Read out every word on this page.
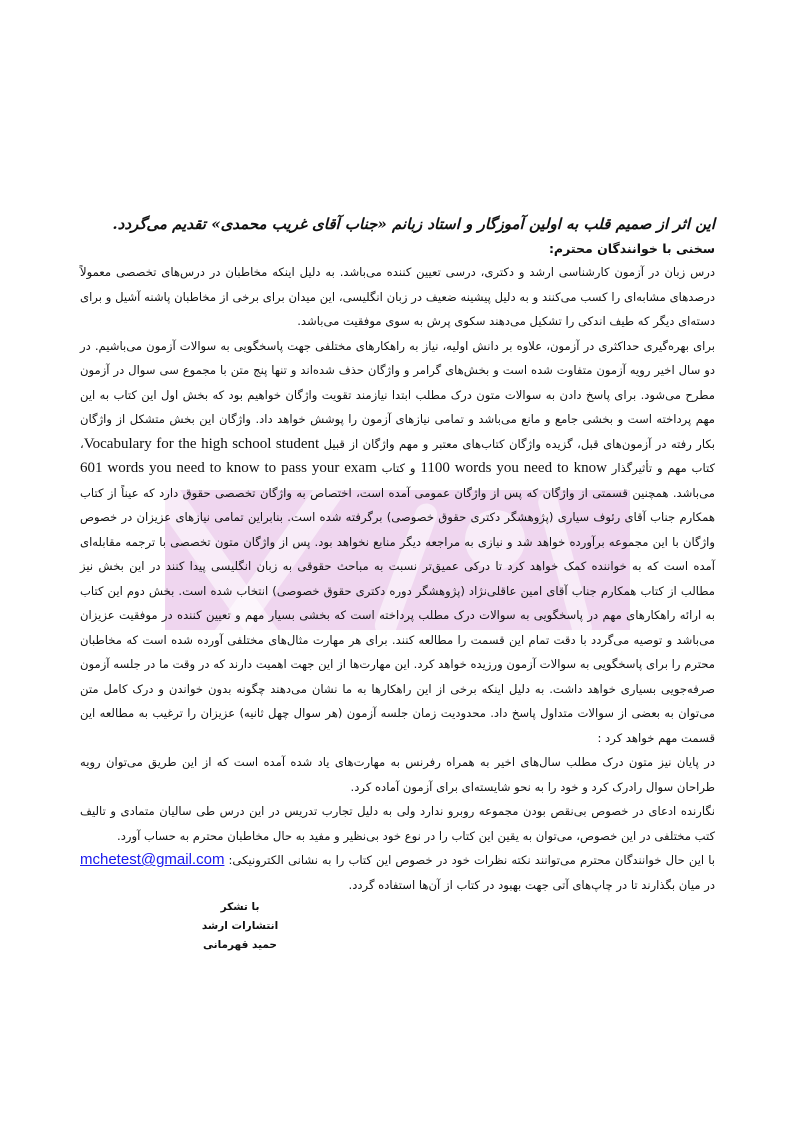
این اثر از صمیم قلب به اولین آموزگار و استاد زبانم «جناب آقای غریب محمدی» تقدیم می‌گردد.

سخنی با خوانندگان محترم:

درس زبان در آزمون کارشناسی ارشد و دکتری، درسی تعیین کننده می‌باشد. به دلیل اینکه مخاطبان در درس‌های تخصصی معمولاً درصدهای مشابه‌ای را کسب می‌کنند و به دلیل پیشینه ضعیف در زبان انگلیسی، این میدان برای برخی از مخاطبان پاشنه آشیل و برای دسته‌ای دیگر که طیف اندکی را تشکیل می‌دهند سکوی پرش به سوی موفقیت می‌باشد.

برای بهره‌گیری حداکثری در آزمون، علاوه بر دانش اولیه، نیاز به راهکارهای مختلفی جهت پاسخگویی به سوالات آزمون می‌باشیم. در دو سال اخیر رویه آزمون متفاوت شده است و بخش‌های گرامر و واژگان حذف شده‌اند و تنها پنج متن با مجموع سی سوال در آزمون مطرح می‌شود. برای پاسخ دادن به سوالات متون درک مطلب ابتدا نیازمند تقویت واژگان خواهیم بود که بخش اول این کتاب به این مهم پرداخته است و بخشی جامع و مانع می‌باشد و تمامی نیازهای آزمون را پوشش خواهد داد. واژگان این بخش متشکل از واژگان بکار رفته در آزمون‌های قبل، گزیده واژگان کتاب‌های معتبر و مهم واژگان از قبیل Vocabulary for the high school student، کتاب مهم و تأثیرگذار 1100 words you need to know و کتاب 601 words you need to know to pass your exam می‌باشد. همچنین قسمتی از واژگان که پس از واژگان عمومی آمده است، اختصاص به واژگان تخصصی حقوق دارد که عیناً از کتاب همکارم جناب آقای رئوف سیاری (پژوهشگر دکتری حقوق خصوصی) برگرفته شده است. بنابراین تمامی نیازهای عزیزان در خصوص واژگان با این مجموعه برآورده خواهد شد و نیازی به مراجعه دیگر منابع نخواهد بود. پس از واژگان متون تخصصی با ترجمه مقابله‌ای آمده است که به خواننده کمک خواهد کرد تا درکی عمیق‌تر نسبت به مباحث حقوقی به زبان انگلیسی پیدا کنند در این بخش نیز مطالب از کتاب همکارم جناب آقای امین عاقلی‌نژاد (پژوهشگر دوره دکتری حقوق خصوصی) انتخاب شده است. بخش دوم این کتاب به ارائه راهکارهای مهم در پاسخگویی به سوالات درک مطلب پرداخته است که بخشی بسیار مهم و تعیین کننده در موفقیت عزیزان می‌باشد و توصیه می‌گردد با دقت تمام این قسمت را مطالعه کنند. برای هر مهارت مثال‌های مختلفی آورده شده است که مخاطبان محترم را برای پاسخگویی به سوالات آزمون ورزیده خواهد کرد. این مهارت‌ها از این جهت اهمیت دارند که در وقت ما در جلسه آزمون صرفه‌جویی بسیاری خواهد داشت. به دلیل اینکه برخی از این راهکارها به ما نشان می‌دهند چگونه بدون خواندن و درک کامل متن می‌توان به بعضی از سوالات متداول پاسخ داد. محدودیت زمان جلسه آزمون (هر سوال چهل ثانیه) عزیزان را ترغیب به مطالعه این قسمت مهم خواهد کرد :

در پایان نیز متون درک مطلب سال‌های اخیر به همراه رفرنس به مهارت‌های یاد شده آمده است که از این طریق می‌توان رویه طراحان سوال رادرک کرد و خود را به نحو شایسته‌ای برای آزمون آماده کرد.

نگارنده ادعای در خصوص بی‌نقص بودن مجموعه روبرو ندارد ولی به دلیل تجارب تدریس در این درس طی سالیان متمادی و تالیف کتب مختلفی در این خصوص، می‌توان به یقین این کتاب را در نوع خود بی‌نظیر و مفید به حال مخاطبان محترم به حساب آورد.

با این حال خوانندگان محترم می‌توانند نکته نظرات خود در خصوص این کتاب را به نشانی الکترونیکی: mchetest@gmail.com در میان بگذارند تا در چاپ‌های آتی جهت بهبود در کتاب از آن‌ها استفاده گردد.

با تشکر
انتشارات ارشد
حمید قهرمانی
